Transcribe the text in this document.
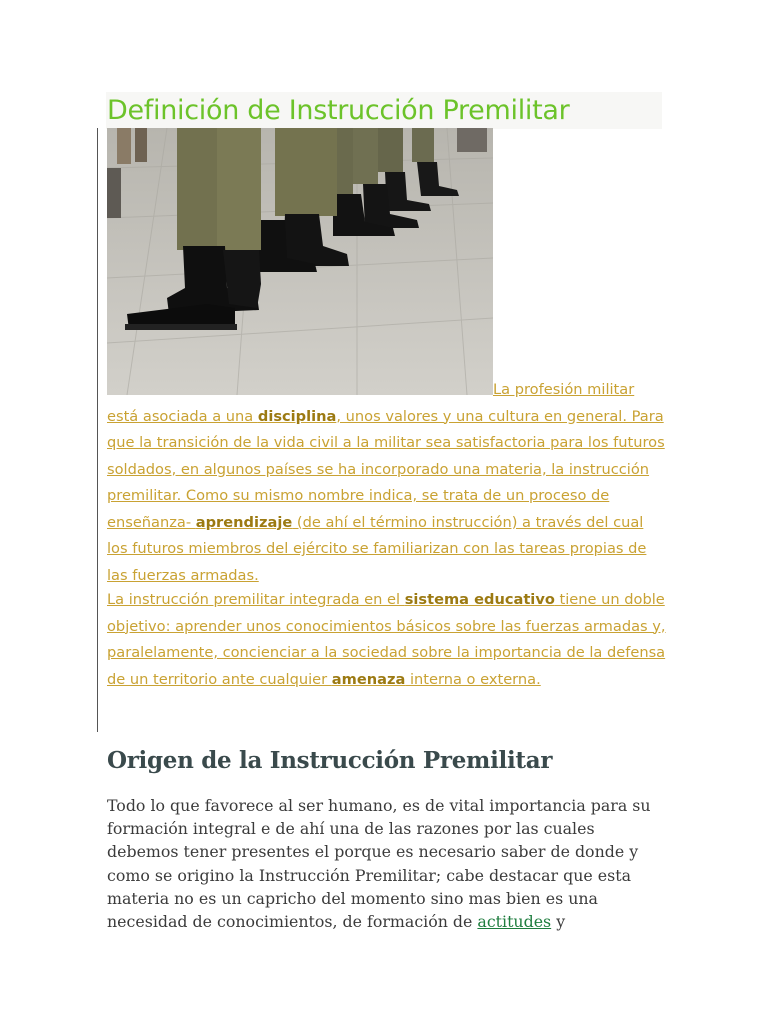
Definición de Instrucción Premilitar

La profesión militar está asociada a una disciplina, unos valores y una cultura en general. Para que la transición de la vida civil a la militar sea satisfactoria para los futuros soldados, en algunos países se ha incorporado una materia, la instrucción premilitar. Como su mismo nombre indica, se trata de un proceso de enseñanza- aprendizaje (de ahí el término instrucción) a través del cual los futuros miembros del ejército se familiarizan con las tareas propias de las fuerzas armadas.

La instrucción premilitar integrada en el sistema educativo tiene un doble objetivo: aprender unos conocimientos básicos sobre las fuerzas armadas y, paralelamente, concienciar a la sociedad sobre la importancia de la defensa de un territorio ante cualquier amenaza interna o externa.

Origen de la Instrucción Premilitar

Todo lo que favorece al ser humano, es de vital importancia para su formación integral e de ahí una de las razones por las cuales debemos tener presentes el porque es necesario saber de donde y como se origino la Instrucción Premilitar; cabe destacar que esta materia no es un capricho del momento sino mas bien es una necesidad de conocimientos, de formación de actitudes y
